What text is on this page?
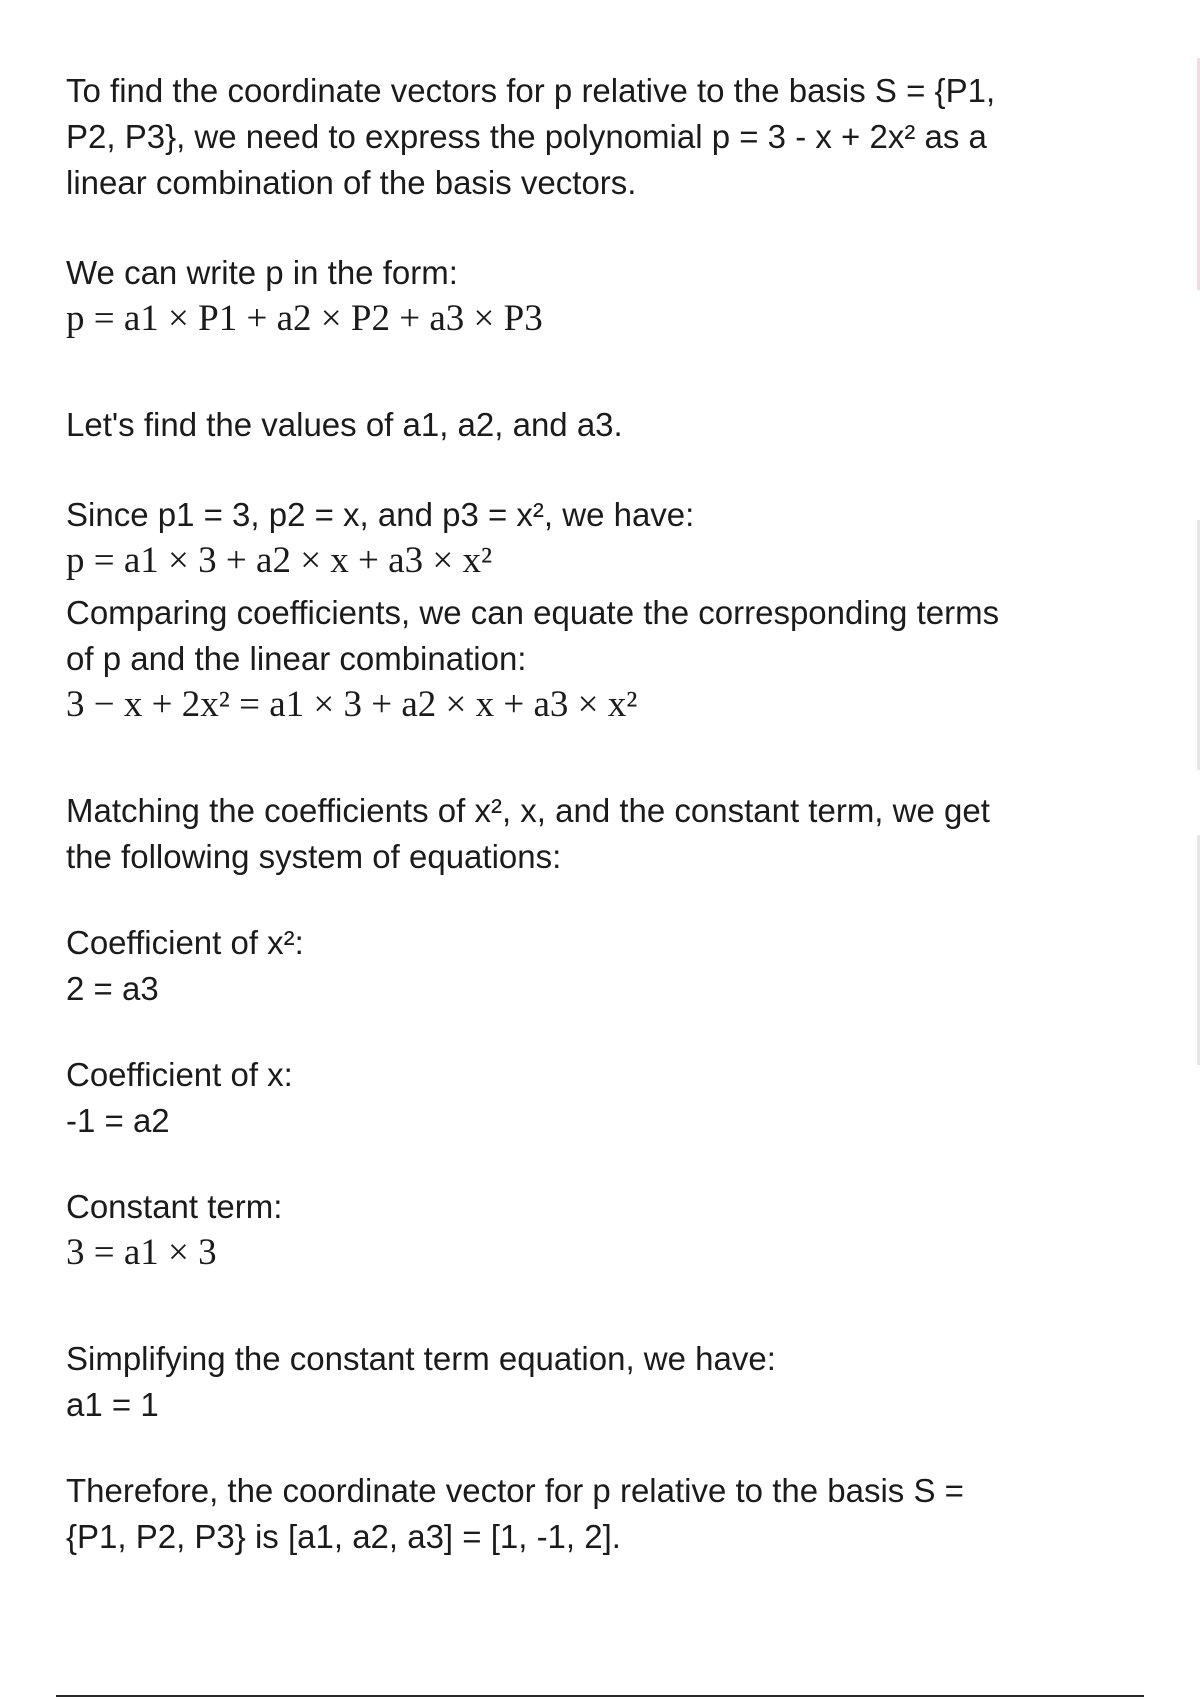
To find the coordinate vectors for p relative to the basis S = {P1,
P2, P3}, we need to express the polynomial p = 3 - x + 2x² as a
linear combination of the basis vectors.

We can write p in the form:

p = a1 × P1 + a2 × P2 + a3 × P3

Let's find the values of a1, a2, and a3.

Since p1 = 3, p2 = x, and p3 = x², we have:

p = a1 × 3 + a2 × x + a3 × x²

Comparing coefficients, we can equate the corresponding terms
of p and the linear combination:

3 − x + 2x² = a1 × 3 + a2 × x + a3 × x²

Matching the coefficients of x², x, and the constant term, we get
the following system of equations:

Coefficient of x²:

2 = a3

Coefficient of x:

-1 = a2

Constant term:

3 = a1 × 3

Simplifying the constant term equation, we have:

a1 = 1

Therefore, the coordinate vector for p relative to the basis S =
{P1, P2, P3} is [a1, a2, a3] = [1, -1, 2].
